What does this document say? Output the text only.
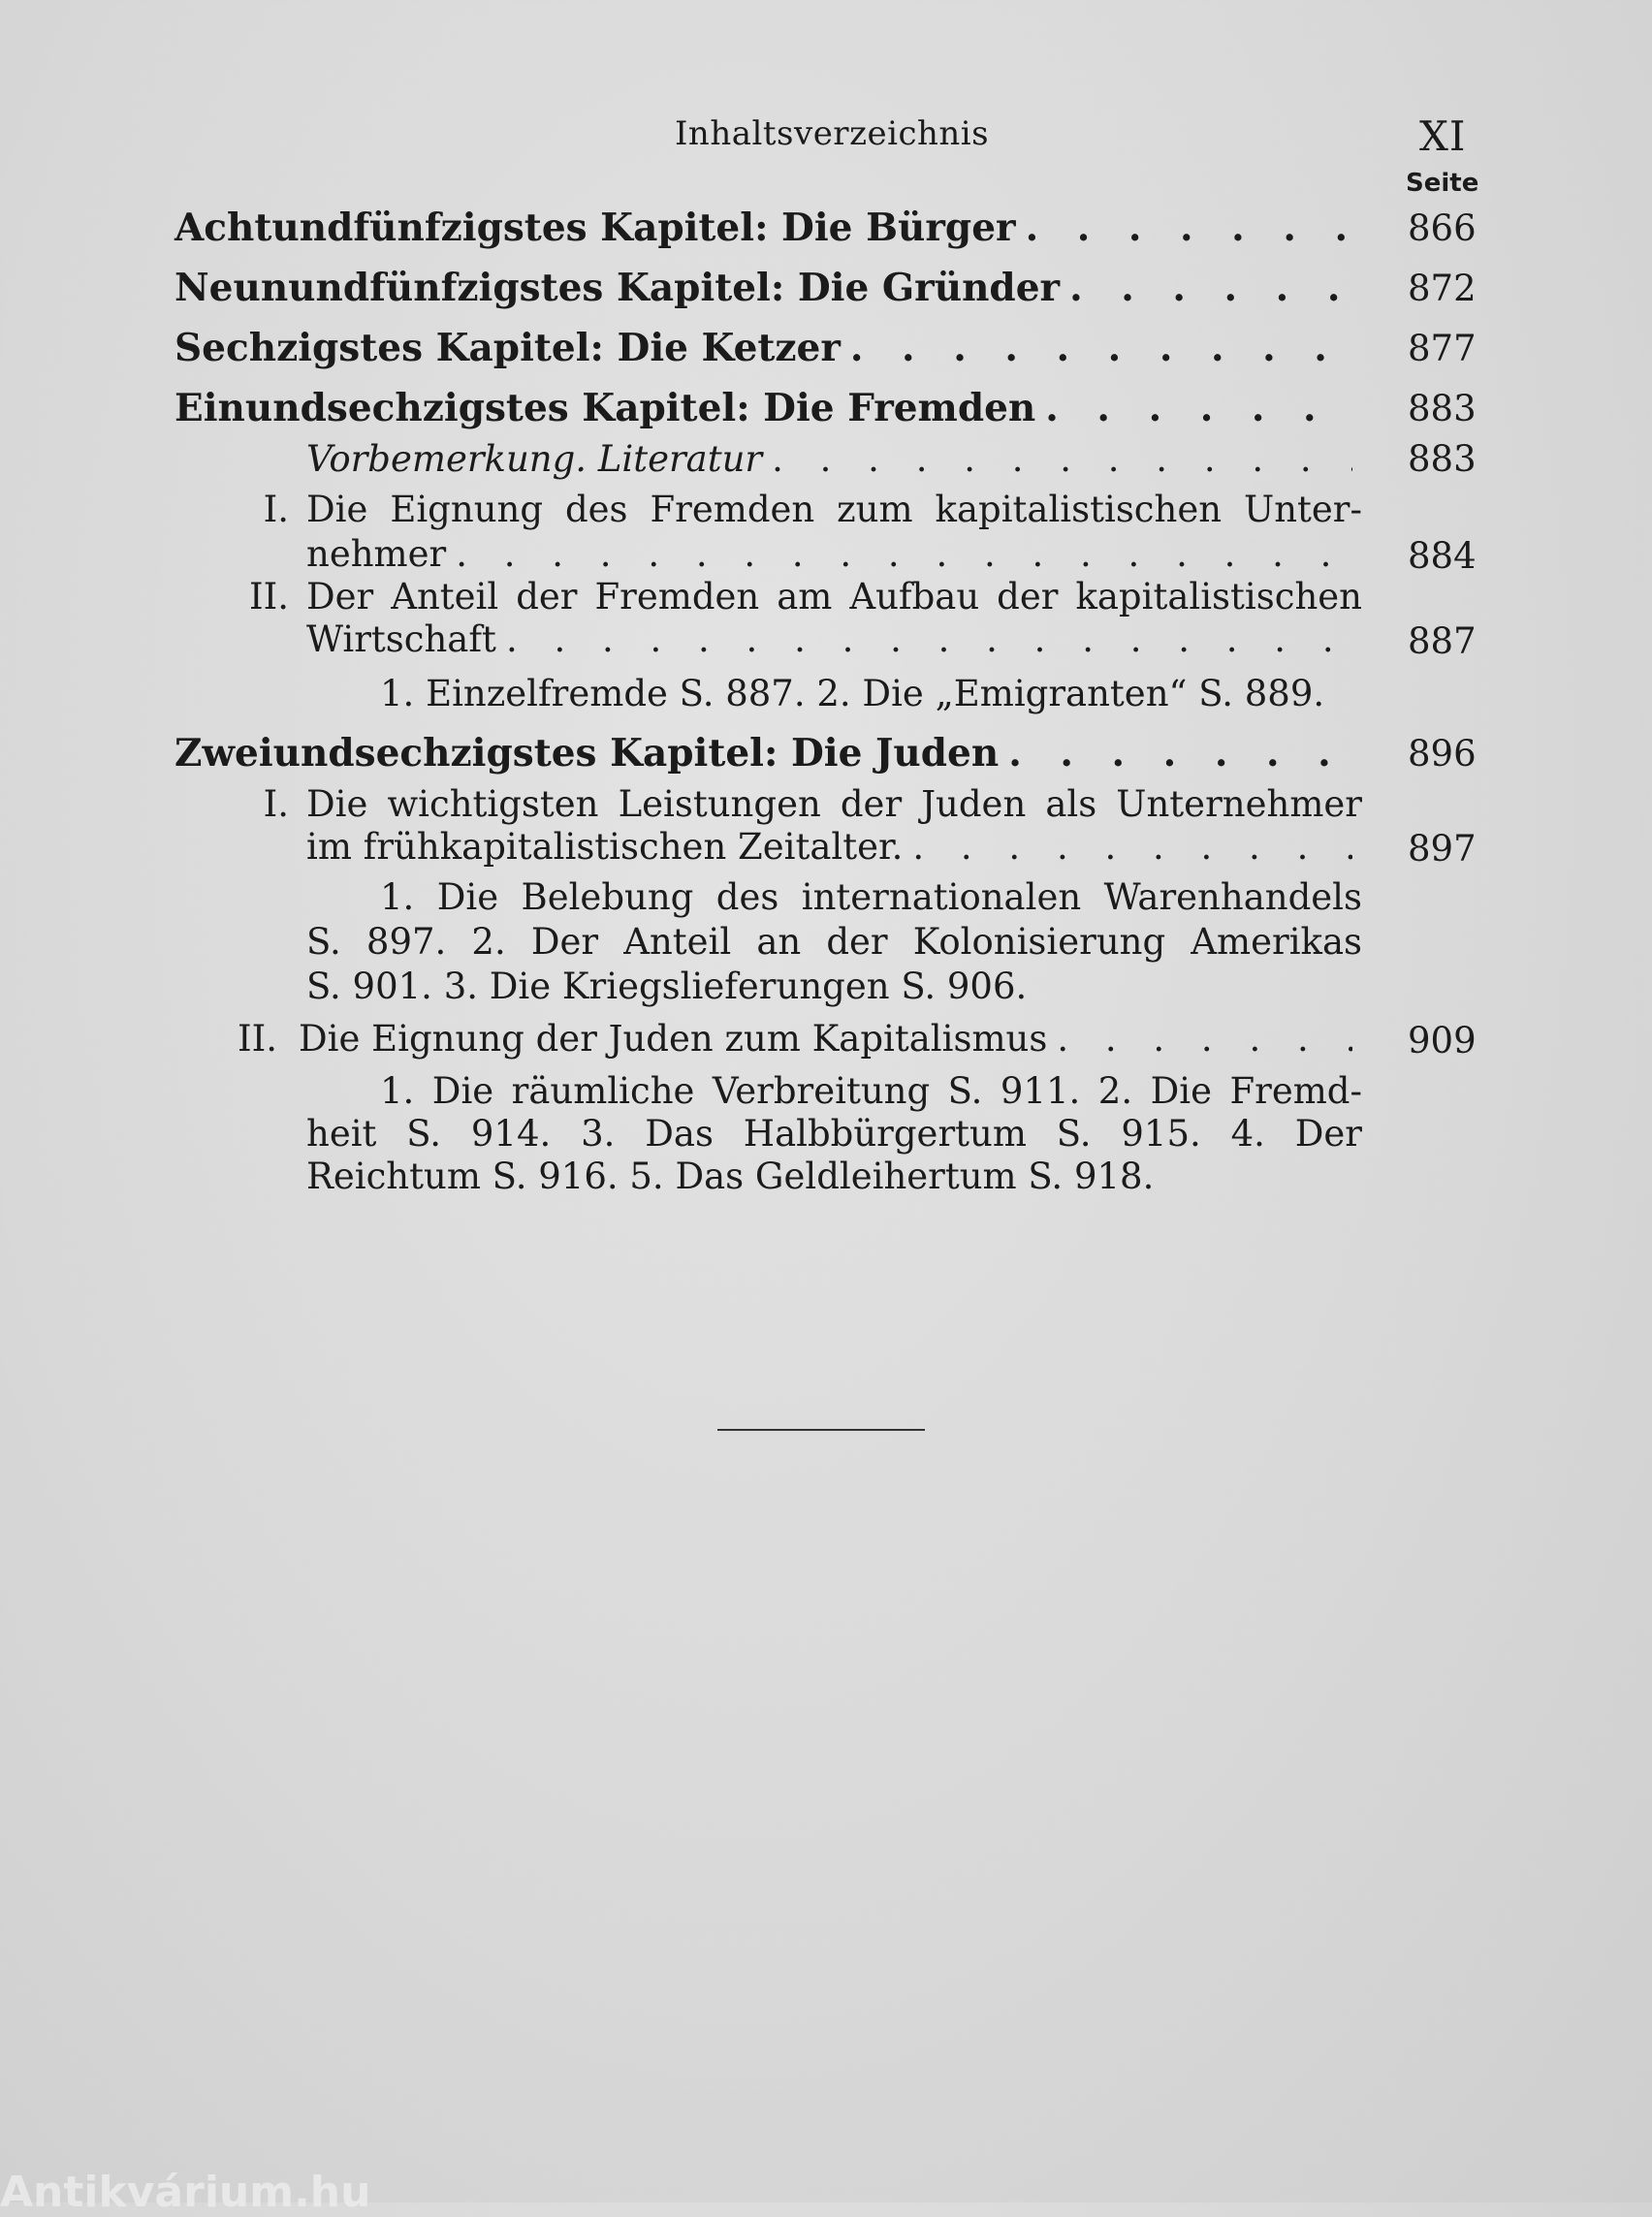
Inhaltsverzeichnis	XI
Seite
Achtundfünfzigstes Kapitel: Die Bürger . . .	866
Neunundfünfzigstes Kapitel: Die Gründer . . .	872
Sechzigstes Kapitel: Die Ketzer . . .	877
Einundsechzigstes Kapitel: Die Fremden . . .	883
Vorbemerkung. Literatur . . .	883
I. Die Eignung des Fremden zum kapitalistischen Unter-
nehmer . . .	884
II. Der Anteil der Fremden am Aufbau der kapitalistischen
Wirtschaft . . .	887
1. Einzelfremde S. 887. 2. Die „Emigranten“ S. 889.
Zweiundsechzigstes Kapitel: Die Juden . . .	896
I. Die wichtigsten Leistungen der Juden als Unternehmer
im frühkapitalistischen Zeitalter. . . .	897
1. Die Belebung des internationalen Warenhandels
S. 897. 2. Der Anteil an der Kolonisierung Amerikas
S. 901. 3. Die Kriegslieferungen S. 906.
II. Die Eignung der Juden zum Kapitalismus . . .	909
1. Die räumliche Verbreitung S. 911. 2. Die Fremd-
heit S. 914. 3. Das Halbbürgertum S. 915. 4. Der
Reichtum S. 916. 5. Das Geldleihertum S. 918.
Antikvárium.hu
